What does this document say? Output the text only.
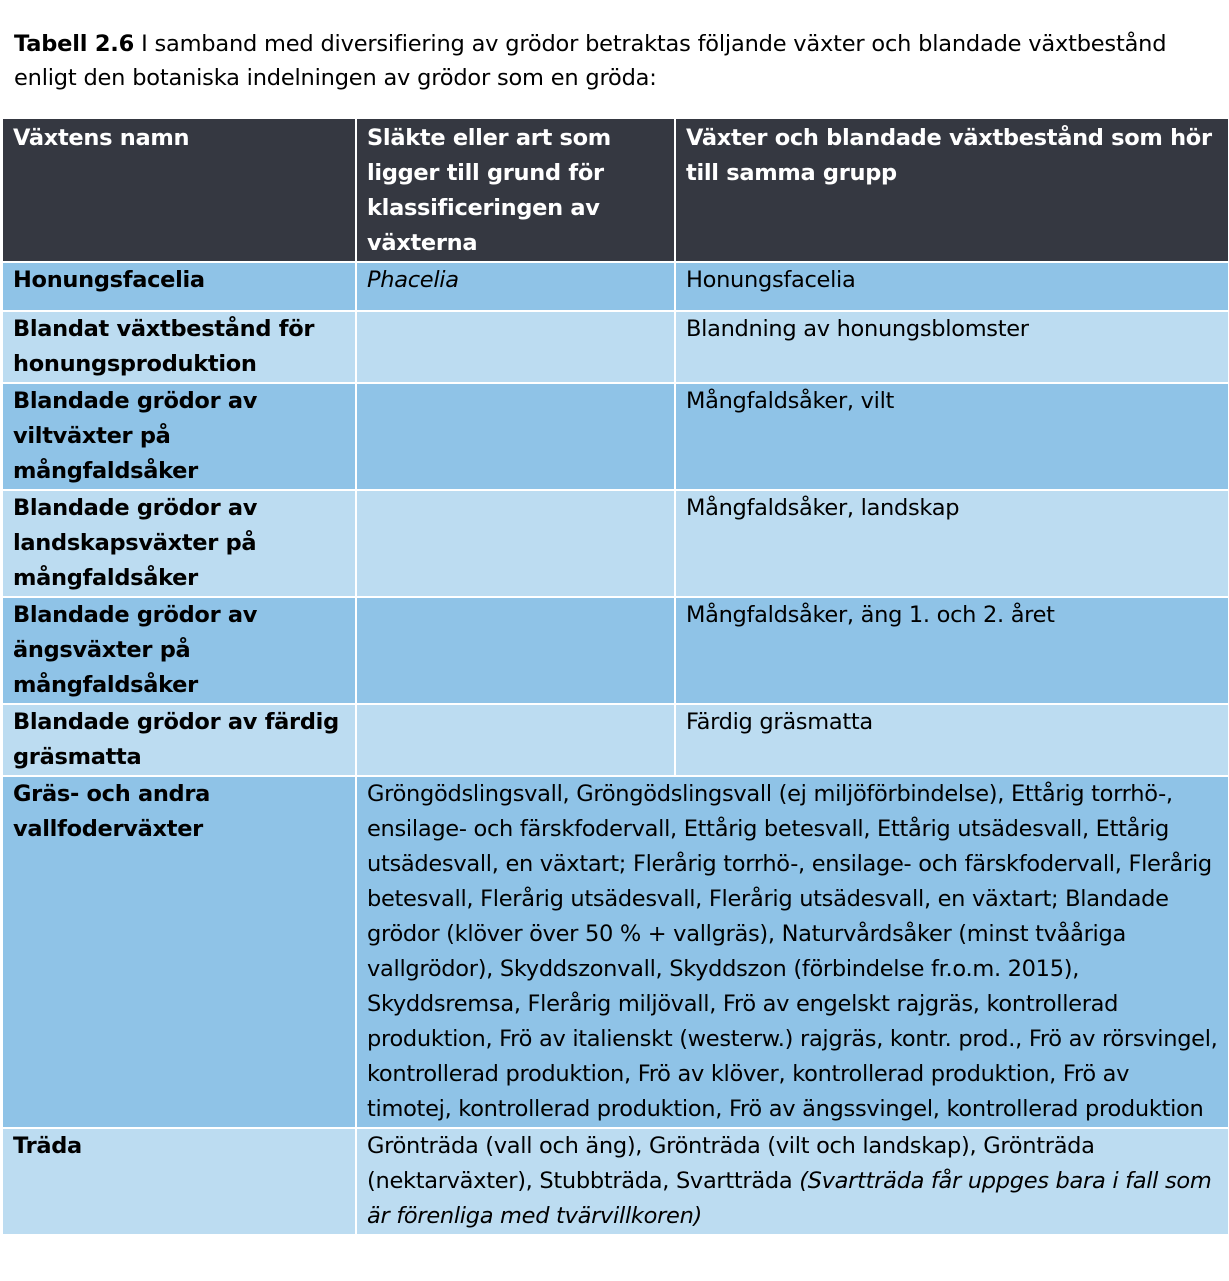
Tabell 2.6 I samband med diversifiering av grödor betraktas följande växter och blandade växtbestånd enligt den botaniska indelningen av grödor som en gröda:
Växtens namn	Släkte eller art som ligger till grund för klassificeringen av växterna	Växter och blandade växtbestånd som hör till samma grupp
Honungsfacelia	Phacelia	Honungsfacelia
Blandat växtbestånd för honungsproduktion		Blandning av honungsblomster
Blandade grödor av viltväxter på mångfaldsåker		Mångfaldsåker, vilt
Blandade grödor av landskapsväxter på mångfaldsåker		Mångfaldsåker, landskap
Blandade grödor av ängsväxter på mångfaldsåker		Mångfaldsåker, äng 1. och 2. året
Blandade grödor av färdig gräsmatta		Färdig gräsmatta
Gräs- och andra vallfoderväxter	Gröngödslingsvall, Gröngödslingsvall (ej miljöförbindelse), Ettårig torrhö-, ensilage- och färskfodervall, Ettårig betesvall, Ettårig utsädesvall, Ettårig utsädesvall, en växtart; Flerårig torrhö-, ensilage- och färskfodervall, Flerårig betesvall, Flerårig utsädesvall, Flerårig utsädesvall, en växtart; Blandade grödor (klöver över 50 % + vallgräs), Naturvårdsåker (minst tvååriga vallgrödor), Skyddszonvall, Skyddszon (förbindelse fr.o.m. 2015), Skyddsremsa, Flerårig miljövall, Frö av engelskt rajgräs, kontrollerad produktion, Frö av italienskt (westerw.) rajgräs, kontr. prod., Frö av rörsvingel, kontrollerad produktion, Frö av klöver, kontrollerad produktion, Frö av timotej, kontrollerad produktion, Frö av ängssvingel, kontrollerad produktion	
Träda	Grönträda (vall och äng), Grönträda (vilt och landskap), Grönträda (nektarväxter), Stubbträda, Svartträda (Svartträda får uppges bara i fall som är förenliga med tvärvillkoren)	
